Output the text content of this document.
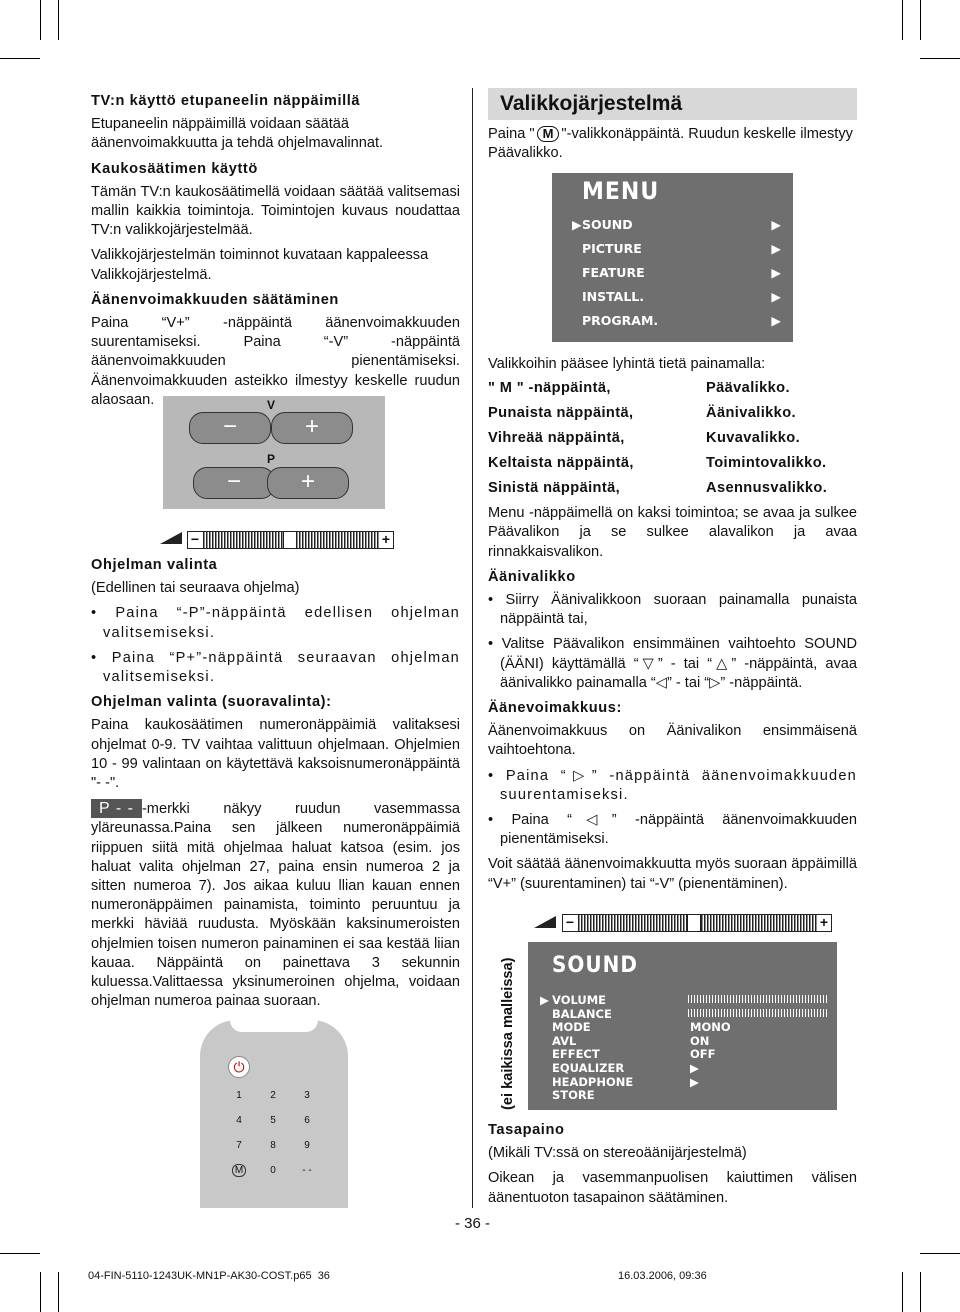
TV:n käyttö etupaneelin näppäimillä

Etupaneelin näppäimillä voidaan säätää äänenvoimakkuutta ja tehdä ohjelmavalinnat.

Kaukosäätimen käyttö

Tämän TV:n kaukosäätimellä voidaan säätää valitsemasi mallin kaikkia toimintoja. Toimintojen kuvaus noudattaa TV:n valikkojärjestelmää.

Valikkojärjestelmän toiminnot kuvataan kappaleessa Valikkojärjestelmä.

Äänenvoimakkuuden säätäminen

Paina “V+” -näppäintä äänenvoimakkuuden suurentamiseksi. Paina “-V” -näppäintä äänenvoimakkuuden pienentämiseksi. Äänenvoimakkuuden asteikko ilmestyy keskelle ruudun alaosaan.	V
−	+
P
−	+
−	+
Ohjelman valinta

(Edellinen tai seuraava ohjelma)

• Paina “-P”-näppäintä edellisen ohjelman valitsemiseksi.

• Paina “P+”-näppäintä seuraavan ohjelman valitsemiseksi.

Ohjelman valinta (suoravalinta):

Paina kaukosäätimen numeronäppäimiä valitaksesi ohjelmat 0-9. TV vaihtaa valittuun ohjelmaan. Ohjelmien 10 - 99 valintaan on käytettävä kaksoisnumeronäppäintä "- -".

P - - -merkki näkyy ruudun vasemmassa yläreunassa.Paina sen jälkeen numeronäppäimiä riippuen siitä mitä ohjelmaa haluat katsoa (esim. jos haluat valita ohjelman 27, paina ensin numeroa 2 ja sitten numeroa 7). Jos aikaa kuluu llian kauan ennen numeronäppäimen painamista, toiminto peruuntuu ja merkki häviää ruudusta. Myöskään kaksinumeroisten ohjelmien toisen numeron painaminen ei saa kestää liian kauaa. Näppäintä on painettava 3 sekunnin kuluessa.Valittaessa yksinumeroinen ohjelma, voidaan ohjelman numeroa painaa suoraan.

⏻
1	2	3
4	5	6
7	8	9
M	0	- -
Valikkojärjestelmä

Paina " M "-valikkonäppäintä. Ruudun keskelle ilmestyy Päävalikko.

MENU
▶ SOUND	▶
PICTURE	▶
FEATURE	▶
INSTALL.	▶
PROGRAM.	▶

Valikkoihin pääsee lyhintä tietä painamalla:

" M " -näppäintä,	Päävalikko.
Punaista näppäintä,	Äänivalikko.
Vihreää näppäintä,	Kuvavalikko.
Keltaista näppäintä,	Toimintovalikko.
Sinistä näppäintä,	Asennusvalikko.

Menu -näppäimellä on kaksi toimintoa; se avaa ja sulkee Päävalikon ja se sulkee alavalikon ja avaa rinnakkaisvalikon.

Äänivalikko

• Siirry Äänivalikkoon suoraan painamalla punaista näppäintä tai,

• Valitse Päävalikon ensimmäinen vaihtoehto SOUND (ÄÄNI) käyttämällä “▽” - tai “△” -näppäintä, avaa äänivalikko painamalla “◁” - tai “▷” -näppäintä.

Äänevoimakkuus:

Äänenvoimakkuus on Äänivalikon ensimmäisenä vaihtoehtona.

• Paina “▷” -näppäintä äänenvoimakkuuden suurentamiseksi.

• Paina “◁” -näppäintä äänenvoimakkuuden pienentämiseksi.

Voit säätää äänenvoimakkuutta myös suoraan äppäimillä “V+” (suurentaminen) tai “-V” (pienentäminen).

−	+
(ei kaikissa malleissa)	SOUND
▶ VOLUME
BALANCE
MODE	MONO
AVL	ON
EFFECT	OFF
EQUALIZER	▶
HEADPHONE	▶
STORE
Tasapaino

(Mikäli TV:ssä on stereoäänijärjestelmä)

Oikean ja vasemmanpuolisen kaiuttimen välisen äänentuoton tasapainon säätäminen.

- 36 -
04-FIN-5110-1243UK-MN1P-AK30-COST.p65 36	16.03.2006, 09:36
